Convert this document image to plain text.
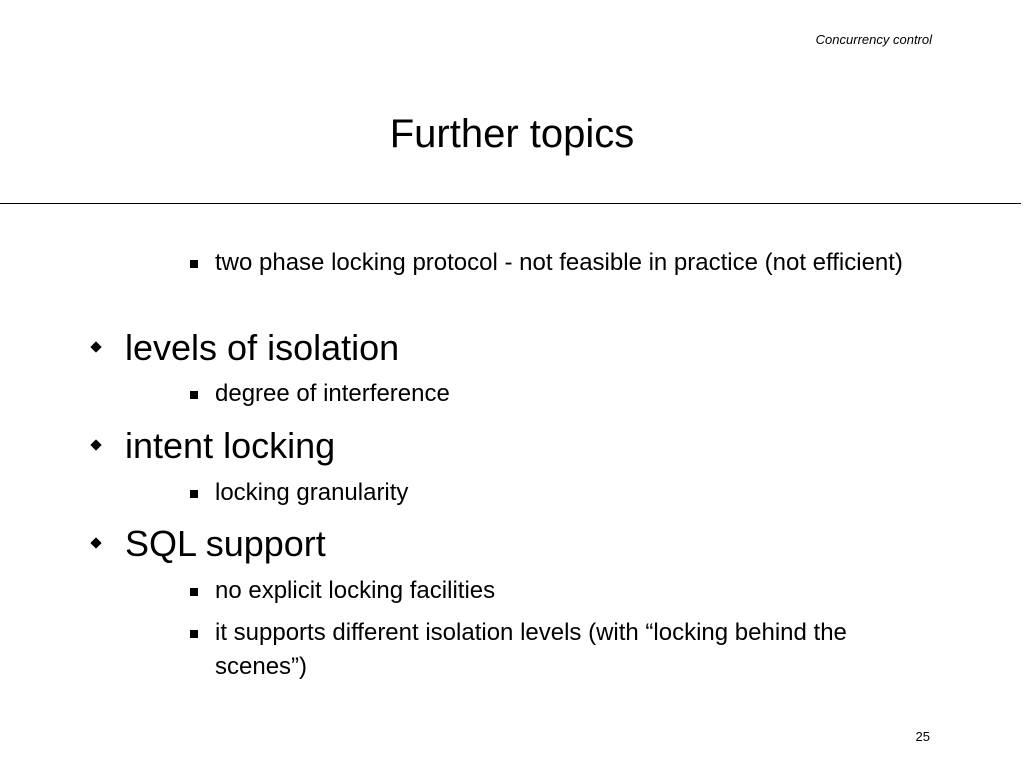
Concurrency control
Further topics
two phase locking protocol - not feasible in practice (not efficient)
levels of isolation
degree of interference
intent locking
locking granularity
SQL support
no explicit locking facilities
it supports different isolation levels (with “locking behind the scenes”)
25
